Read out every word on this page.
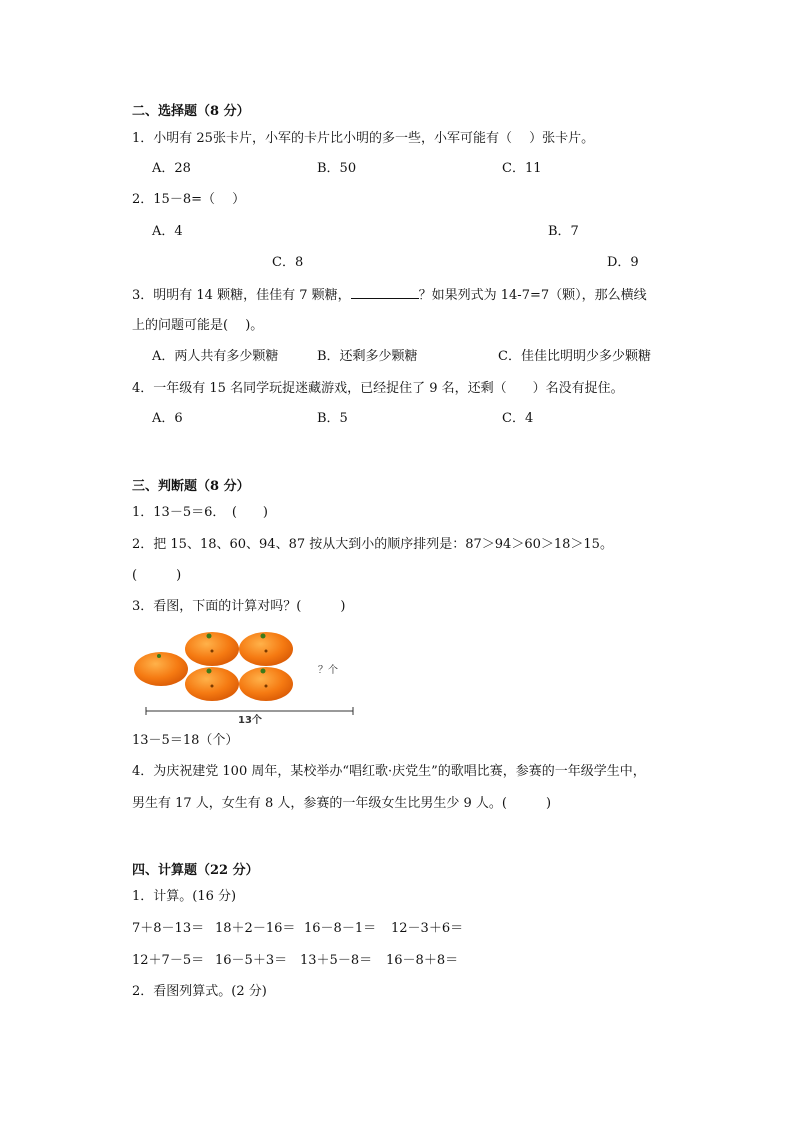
二、选择题（8 分）
1．小明有 25张卡片，小军的卡片比小明的多一些，小军可能有（　 ）张卡片。
A．28	B．50	C．11
2．15－8=（　 ）
A．4	B．7
C．8	D．9
3．明明有 14 颗糖，佳佳有 7 颗糖，	？如果列式为 14-7=7（颗），那么横线
上的问题可能是(　 )。
A．两人共有多少颗糖	B．还剩多少颗糖	C．佳佳比明明少多少颗糖
4．一年级有 15 名同学玩捉迷藏游戏，已经捉住了 9 名，还剩（　　）名没有捉住。
A．6	B．5	C．4
三、判断题（8 分）
1．13－5＝6．　(　　)
2．把 15、18、60、94、87 按从大到小的顺序排列是：87＞94＞60＞18＞15。
(　　　)
3．看图，下面的计算对吗？(　　　)
？个
13个
13－5＝18（个）
4．为庆祝建党 100 周年，某校举办“唱红歌·庆党生”的歌唱比赛，参赛的一年级学生中，
男生有 17 人，女生有 8 人，参赛的一年级女生比男生少 9 人。(　　　)
四、计算题（22 分）
1．计算。(16 分)
7＋8－13＝ 18＋2－16＝ 16－8－1＝ 12－3＋6＝
12＋7－5＝ 16－5＋3＝ 13＋5－8＝ 16－8＋8＝
2．看图列算式。(2 分)
